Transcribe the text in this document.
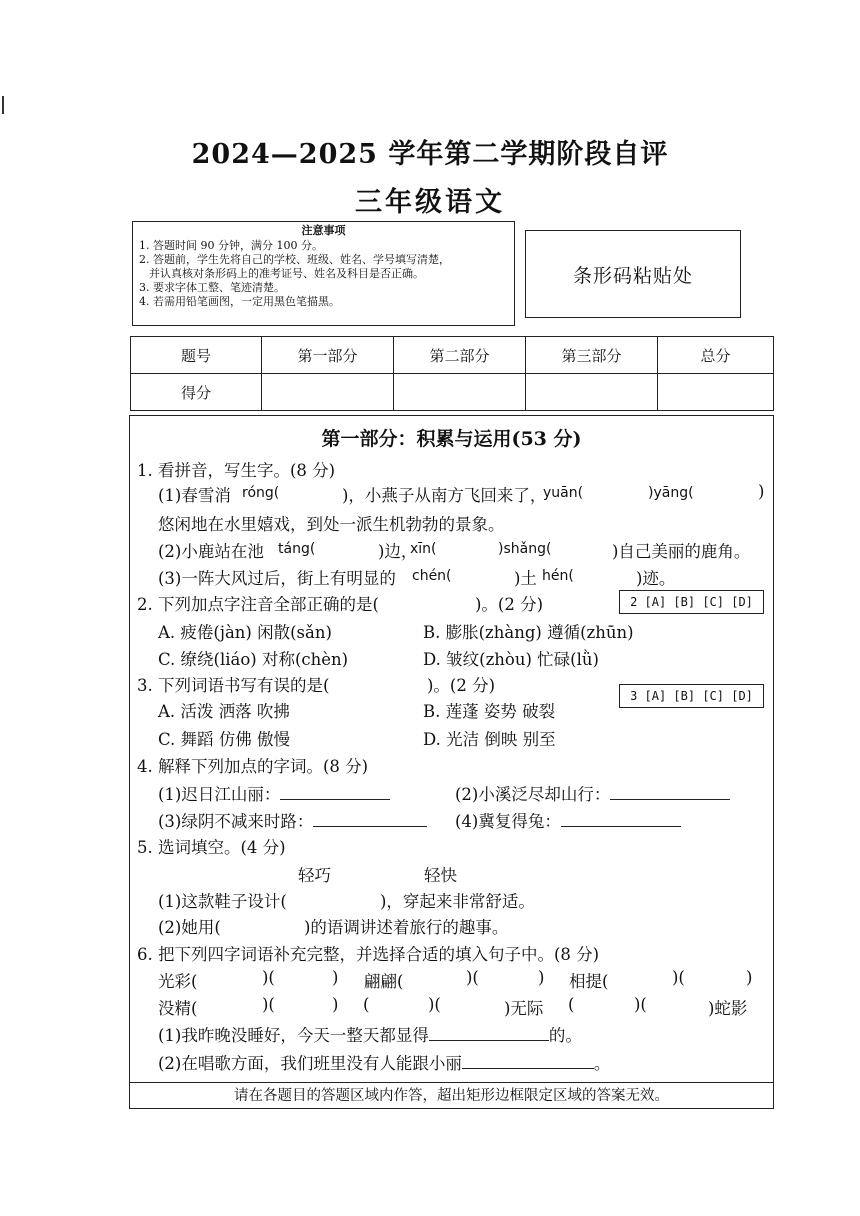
2024—2025 学年第二学期阶段自评
三年级语文
注意事项
1. 答题时间 90 分钟，满分 100 分。
2. 答题前，学生先将自己的学校、班级、姓名、学号填写清楚，
并认真核对条形码上的准考证号、姓名及科目是否正确。
3. 要求字体工整、笔迹清楚。
4. 若需用铅笔画图，一定用黑色笔描黑。
条形码粘贴处
题号	第一部分	第二部分	第三部分	总分
得分				
第一部分：积累与运用(53 分)
1. 看拼音，写生字。(8 分)
(1)春雪消 róng(	)，小燕子从南方飞回来了，
yuān(	)yāng(	)
悠闲地在水里嬉戏，到处一派生机勃勃的景象。
(2)小鹿站在池 táng(	)边，
xīn(	)shǎng(	)自己美丽的鹿角。
(3)一阵大风过后，街上有明显的 chén(	)土 hén(	)迹。
2. 下列加点字注音全部正确的是(	)。(2 分)	2 [A] [B] [C] [D]
A. 疲倦(jàn) 闲散(sǎn)	B. 膨胀(zhàng) 遵循(zhūn)
C. 缭绕(liáo) 对称(chèn)	D. 皱纹(zhòu) 忙碌(lǜ)
3. 下列词语书写有误的是(	)。(2 分)
3 [A] [B] [C] [D]
A. 活泼 洒落 吹拂	B. 莲蓬 姿势 破裂
C. 舞蹈 仿佛 傲慢	D. 光洁 倒映 别至
4. 解释下列加点的字词。(8 分)
(1)迟日江山丽：	(2)小溪泛尽却山行：
(3)绿阴不减来时路：	(4)冀复得兔：
5. 选词填空。(4 分)
轻巧	轻快
(1)这款鞋子设计(	)，穿起来非常舒适。
(2)她用(	)的语调讲述着旅行的趣事。
6. 把下列四字词语补充完整，并选择合适的填入句子中。(8 分)
光彩(	)(	) 翩翩(	)(	) 相提(	)(	)
没精(	)(	) (	)(	)无际 (	)(	)蛇影
(1)我昨晚没睡好，今天一整天都显得	的。
(2)在唱歌方面，我们班里没有人能跟小丽	。
请在各题目的答题区域内作答，超出矩形边框限定区域的答案无效。
